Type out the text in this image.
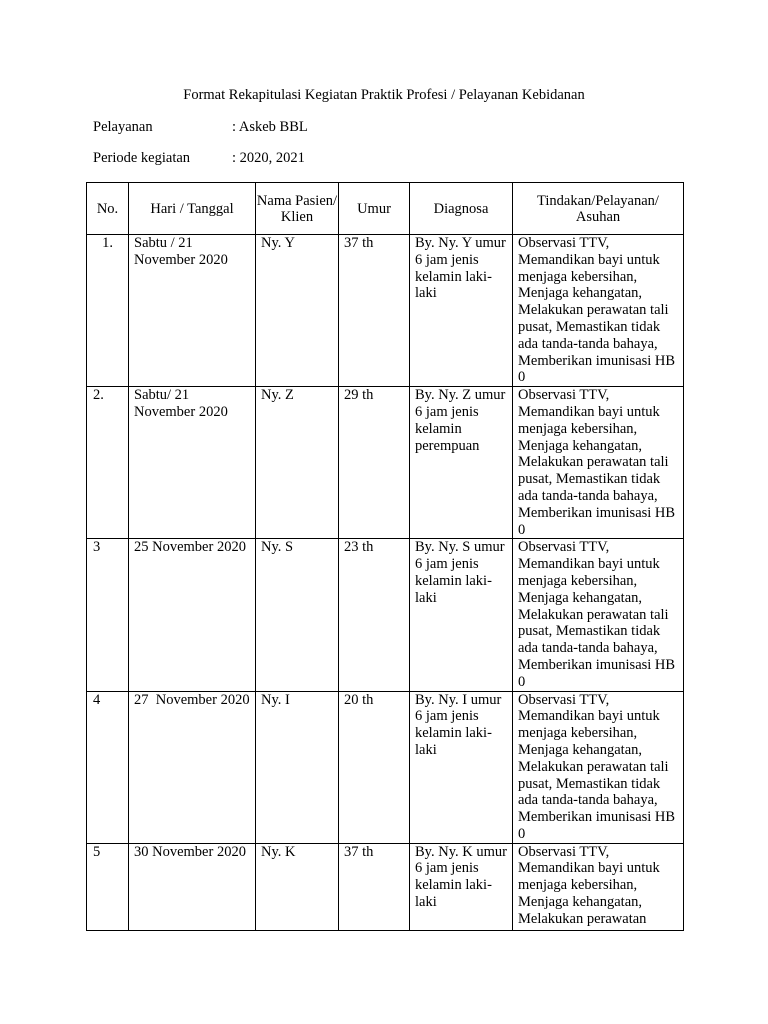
Format Rekapitulasi Kegiatan Praktik Profesi / Pelayanan Kebidanan
Pelayanan	: Askeb BBL
Periode kegiatan	: 2020, 2021
No.	Hari / Tanggal	Nama Pasien/ Klien	Umur	Diagnosa	Tindakan/Pelayanan/ Asuhan
1.	Sabtu / 21 November 2020	Ny. Y	37 th	By. Ny. Y umur 6 jam jenis kelamin laki-laki	Observasi TTV, Memandikan bayi untuk menjaga kebersihan, Menjaga kehangatan, Melakukan perawatan tali pusat, Memastikan tidak ada tanda-tanda bahaya, Memberikan imunisasi HB 0
2.	Sabtu/ 21 November 2020	Ny. Z	29 th	By. Ny. Z umur 6 jam jenis kelamin perempuan	Observasi TTV, Memandikan bayi untuk menjaga kebersihan, Menjaga kehangatan, Melakukan perawatan tali pusat, Memastikan tidak ada tanda-tanda bahaya, Memberikan imunisasi HB 0
3	25 November 2020	Ny. S	23 th	By. Ny. S umur 6 jam jenis kelamin laki-laki	Observasi TTV, Memandikan bayi untuk menjaga kebersihan, Menjaga kehangatan, Melakukan perawatan tali pusat, Memastikan tidak ada tanda-tanda bahaya, Memberikan imunisasi HB 0
4	27  November 2020	Ny. I	20 th	By. Ny. I umur 6 jam jenis kelamin laki-laki	Observasi TTV, Memandikan bayi untuk menjaga kebersihan, Menjaga kehangatan, Melakukan perawatan tali pusat, Memastikan tidak ada tanda-tanda bahaya, Memberikan imunisasi HB 0
5	30 November 2020	Ny. K	37 th	By. Ny. K umur 6 jam jenis kelamin laki-laki	Observasi TTV, Memandikan bayi untuk menjaga kebersihan, Menjaga kehangatan, Melakukan perawatan
